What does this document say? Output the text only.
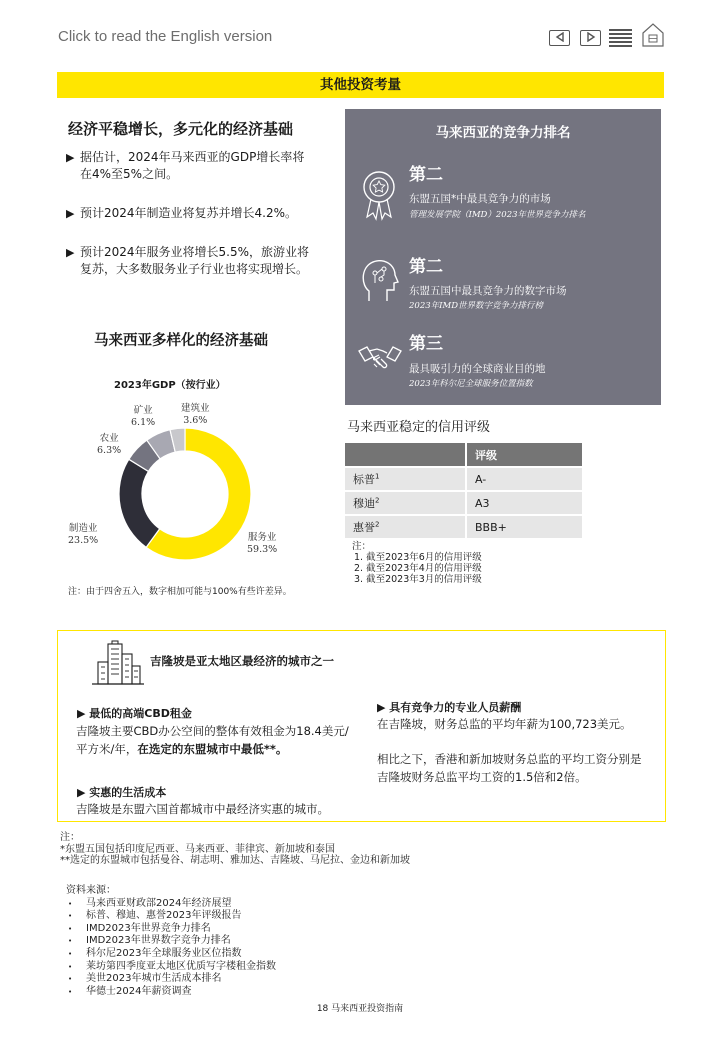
Click to read the English version
其他投资考量
经济平稳增长，多元化的经济基础
▶ 据估计，2024年马来西亚的GDP增长率将
在4%至5%之间。
▶ 预计2024年制造业将复苏并增长4.2%。
▶ 预计2024年服务业将增长5.5%，旅游业将
复苏，大多数服务业子行业也将实现增长。
马来西亚多样化的经济基础
2023年GDP（按行业）
服务业
59.3%
制造业
23.5%
农业
6.3%
矿业
6.1%
建筑业
3.6%
注：由于四舍五入，数字相加可能与100%有些许差异。
马来西亚的竞争力排名
第二
东盟五国*中最具竞争力的市场
管理发展学院（IMD）2023年世界竞争力排名
第二
东盟五国中最具竞争力的数字市场
2023年IMD世界数字竞争力排行榜
第三
最具吸引力的全球商业目的地
2023年科尔尼全球服务位置指数
马来西亚稳定的信用评级
	评级
标普$^1$	A-
穆迪$^2$	A3
惠誉$^2$	BBB+
注：
1. 截至2023年6月的信用评级
2. 截至2023年4月的信用评级
3. 截至2023年3月的信用评级
吉隆坡是亚太地区最经济的城市之一
▶ 最低的高端CBD租金
吉隆坡主要CBD办公空间的整体有效租金为18.4美元/
平方米/年，在选定的东盟城市中最低**。
▶ 实惠的生活成本
吉隆坡是东盟六国首都城市中最经济实惠的城市。
▶ 具有竞争力的专业人员薪酬
在吉隆坡，财务总监的平均年薪为100,723美元。
相比之下，香港和新加坡财务总监的平均工资分别是
吉隆坡财务总监平均工资的1.5倍和2倍。
注：
*东盟五国包括印度尼西亚、马来西亚、菲律宾、新加坡和泰国
**选定的东盟城市包括曼谷、胡志明、雅加达、吉隆坡、马尼拉、金边和新加坡
资料来源：
• 马来西亚财政部2024年经济展望
• 标普、穆迪、惠誉2023年评级报告
• IMD2023年世界竞争力排名
• IMD2023年世界数字竞争力排名
• 科尔尼2023年全球服务业区位指数
• 莱坊第四季度亚太地区优质写字楼租金指数
• 美世2023年城市生活成本排名
• 华德士2024年薪资调查
18 马来西亚投资指南
